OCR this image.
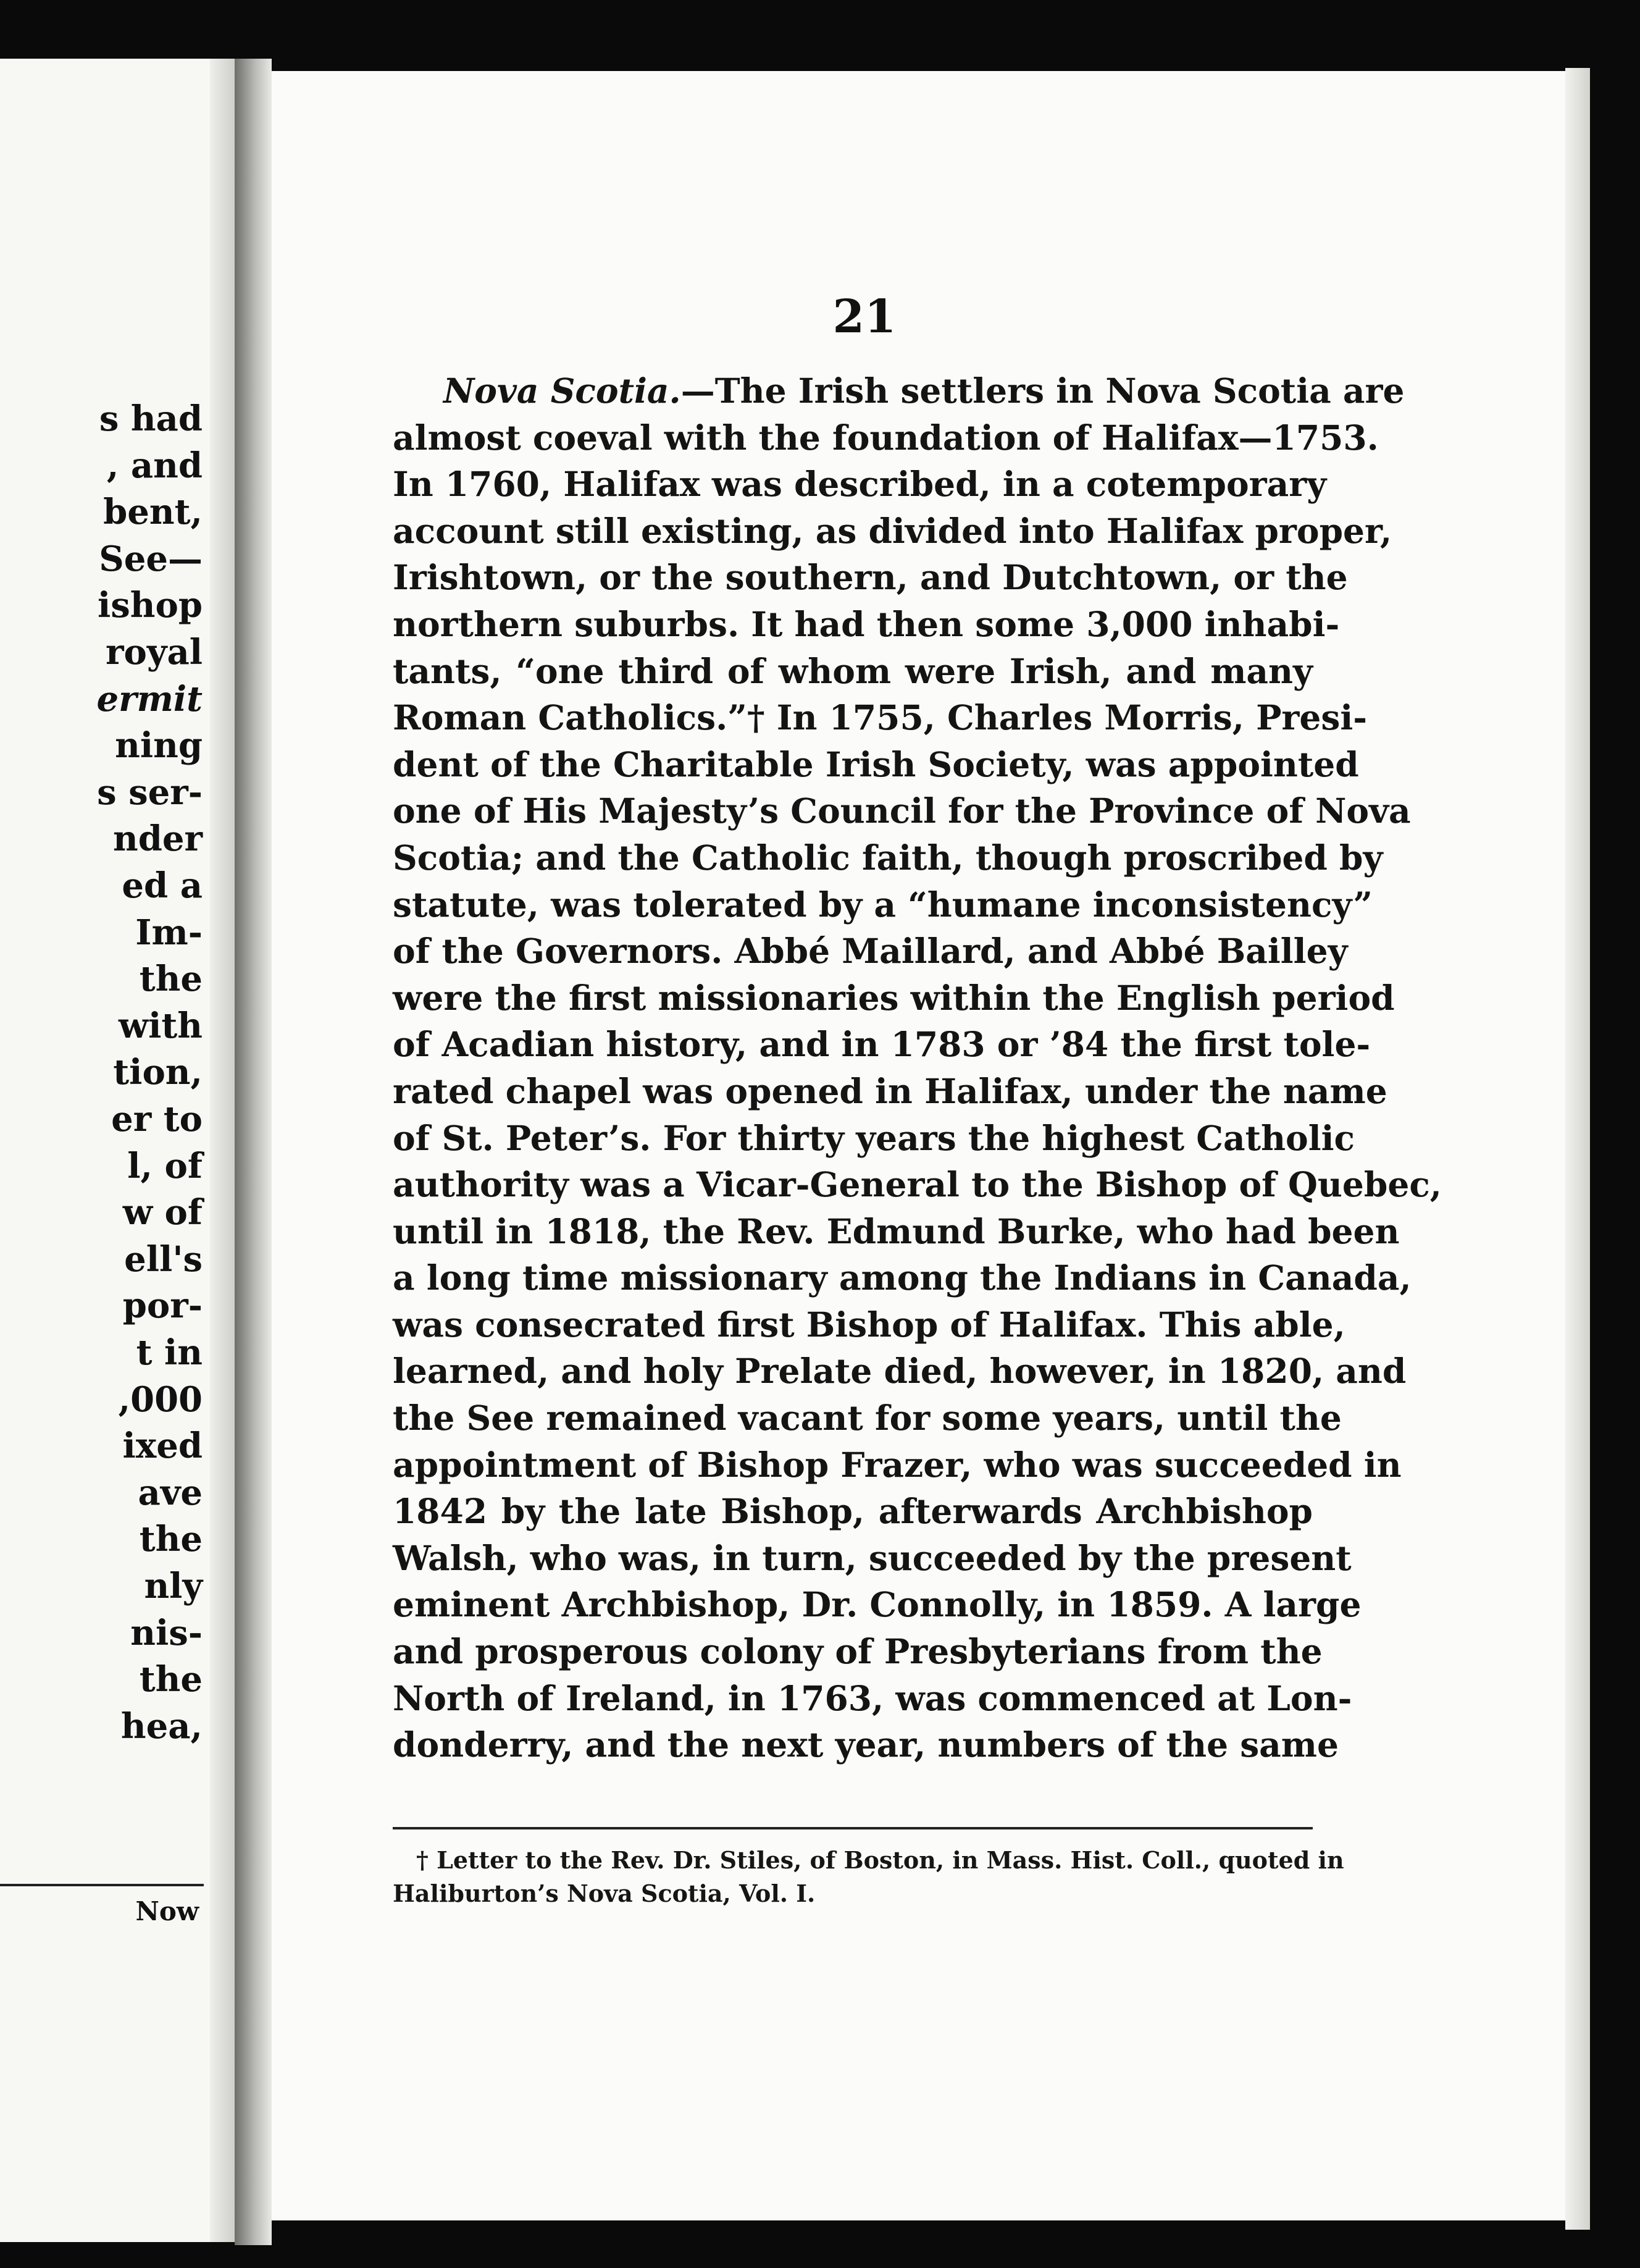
s had
, and
bent,
See—
ishop
royal
ermit
ning
s ser-
nder
ed a
Im-
the
with
tion,
er to
l, of
w of
ell's
por-
t in
,000
ixed
ave
the
nly
nis-
the
hea,
Now
21
Nova Scotia.—The Irish settlers in Nova Scotia are
almost coeval with the foundation of Halifax—1753.
In 1760, Halifax was described, in a cotemporary
account still existing, as divided into Halifax proper,
Irishtown, or the southern, and Dutchtown, or the
northern suburbs. It had then some 3,000 inhabi-
tants, “one third of whom were Irish, and many
Roman Catholics.”† In 1755, Charles Morris, Presi-
dent of the Charitable Irish Society, was appointed
one of His Majesty’s Council for the Province of Nova
Scotia; and the Catholic faith, though proscribed by
statute, was tolerated by a “humane inconsistency”
of the Governors. Abbé Maillard, and Abbé Bailley
were the first missionaries within the English period
of Acadian history, and in 1783 or ’84 the first tole-
rated chapel was opened in Halifax, under the name
of St. Peter’s. For thirty years the highest Catholic
authority was a Vicar-General to the Bishop of Quebec,
until in 1818, the Rev. Edmund Burke, who had been
a long time missionary among the Indians in Canada,
was consecrated first Bishop of Halifax. This able,
learned, and holy Prelate died, however, in 1820, and
the See remained vacant for some years, until the
appointment of Bishop Frazer, who was succeeded in
1842 by the late Bishop, afterwards Archbishop
Walsh, who was, in turn, succeeded by the present
eminent Archbishop, Dr. Connolly, in 1859. A large
and prosperous colony of Presbyterians from the
North of Ireland, in 1763, was commenced at Lon-
donderry, and the next year, numbers of the same
† Letter to the Rev. Dr. Stiles, of Boston, in Mass. Hist. Coll., quoted in
Haliburton’s Nova Scotia, Vol. I.
